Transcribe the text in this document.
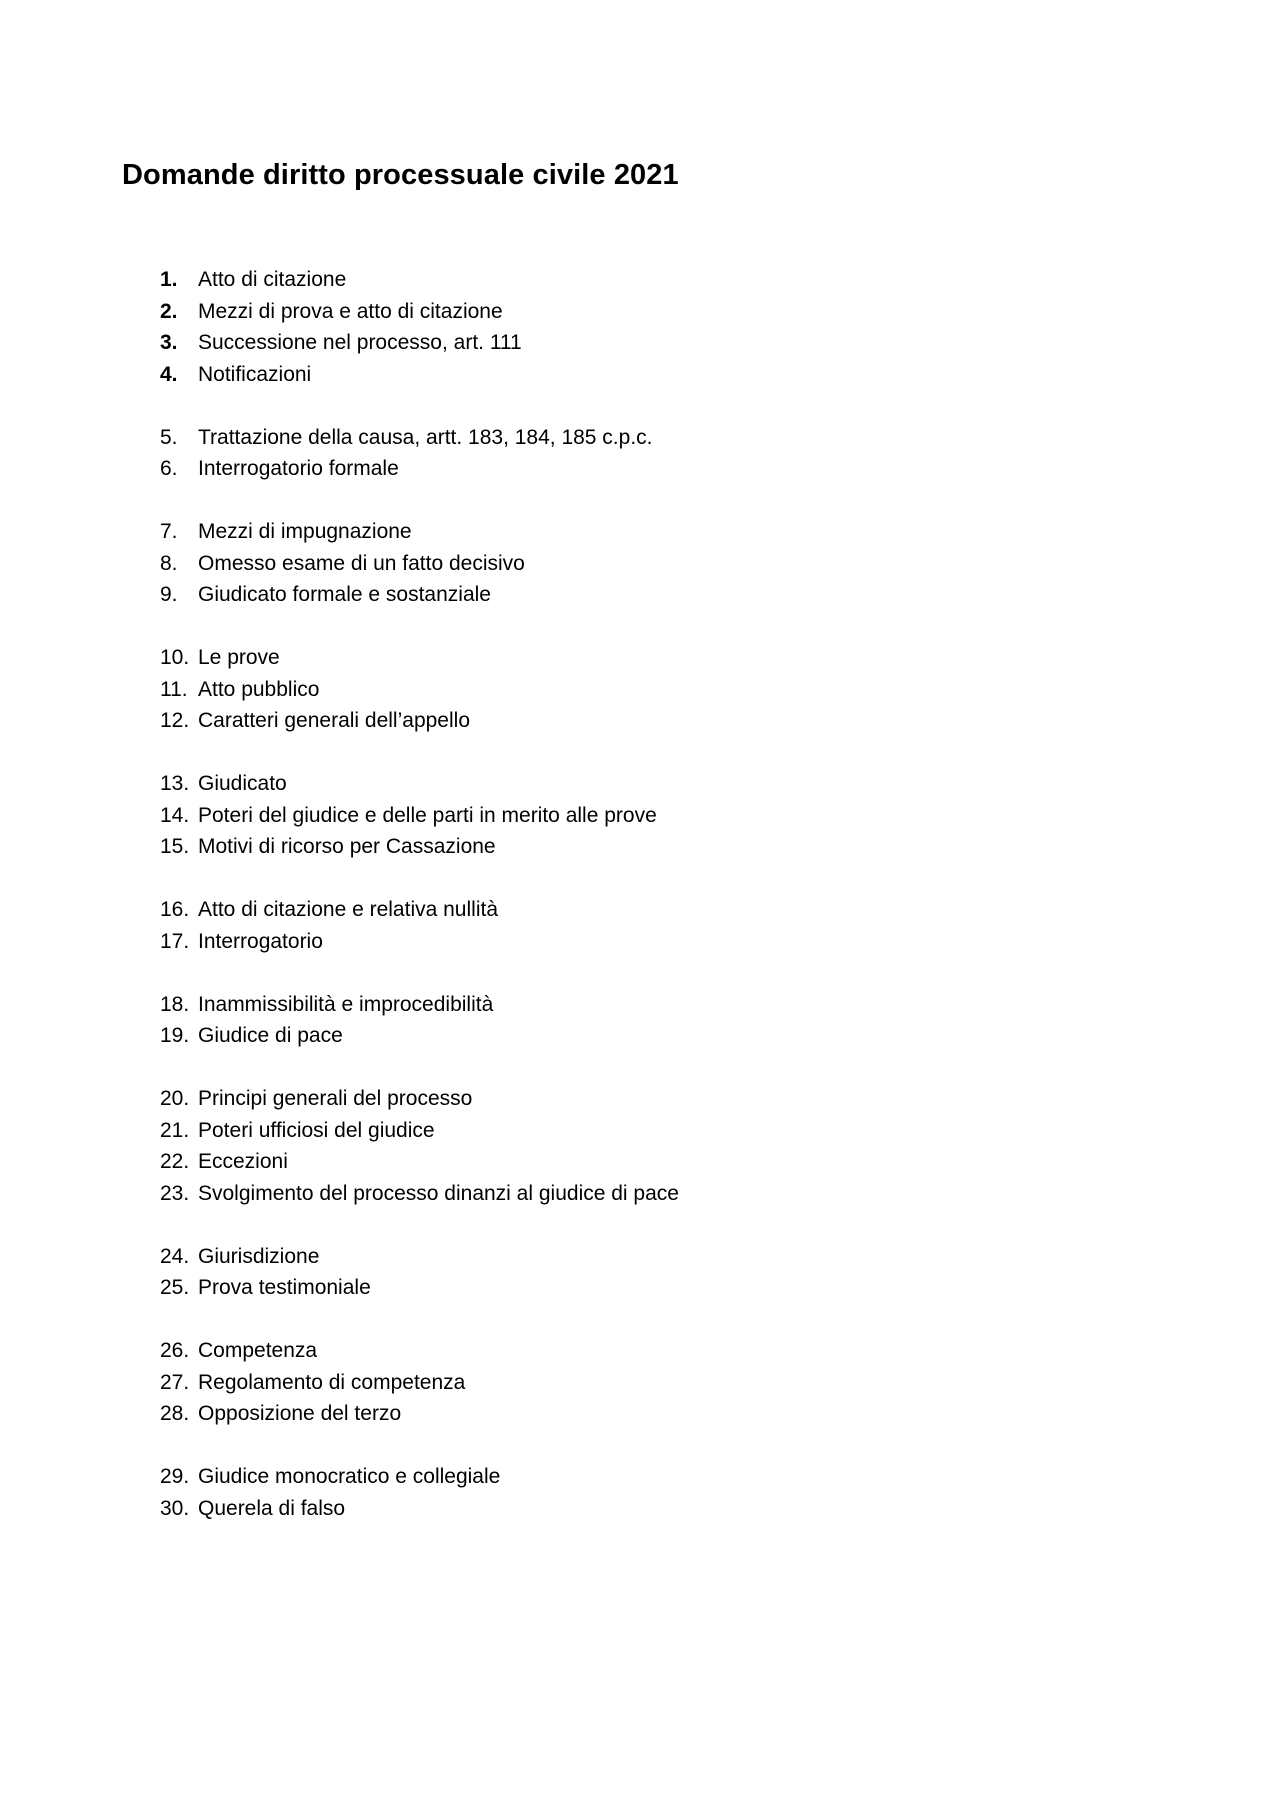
Domande diritto processuale civile 2021
1. Atto di citazione
2. Mezzi di prova e atto di citazione
3. Successione nel processo, art. 111
4. Notificazioni
5. Trattazione della causa, artt. 183, 184, 185 c.p.c.
6. Interrogatorio formale
7. Mezzi di impugnazione
8. Omesso esame di un fatto decisivo
9. Giudicato formale e sostanziale
10. Le prove
11. Atto pubblico
12. Caratteri generali dell’appello
13. Giudicato
14. Poteri del giudice e delle parti in merito alle prove
15. Motivi di ricorso per Cassazione
16. Atto di citazione e relativa nullità
17. Interrogatorio
18. Inammissibilità e improcedibilità
19. Giudice di pace
20. Principi generali del processo
21. Poteri ufficiosi del giudice
22. Eccezioni
23. Svolgimento del processo dinanzi al giudice di pace
24. Giurisdizione
25. Prova testimoniale
26. Competenza
27. Regolamento di competenza
28. Opposizione del terzo
29. Giudice monocratico e collegiale
30. Querela di falso
